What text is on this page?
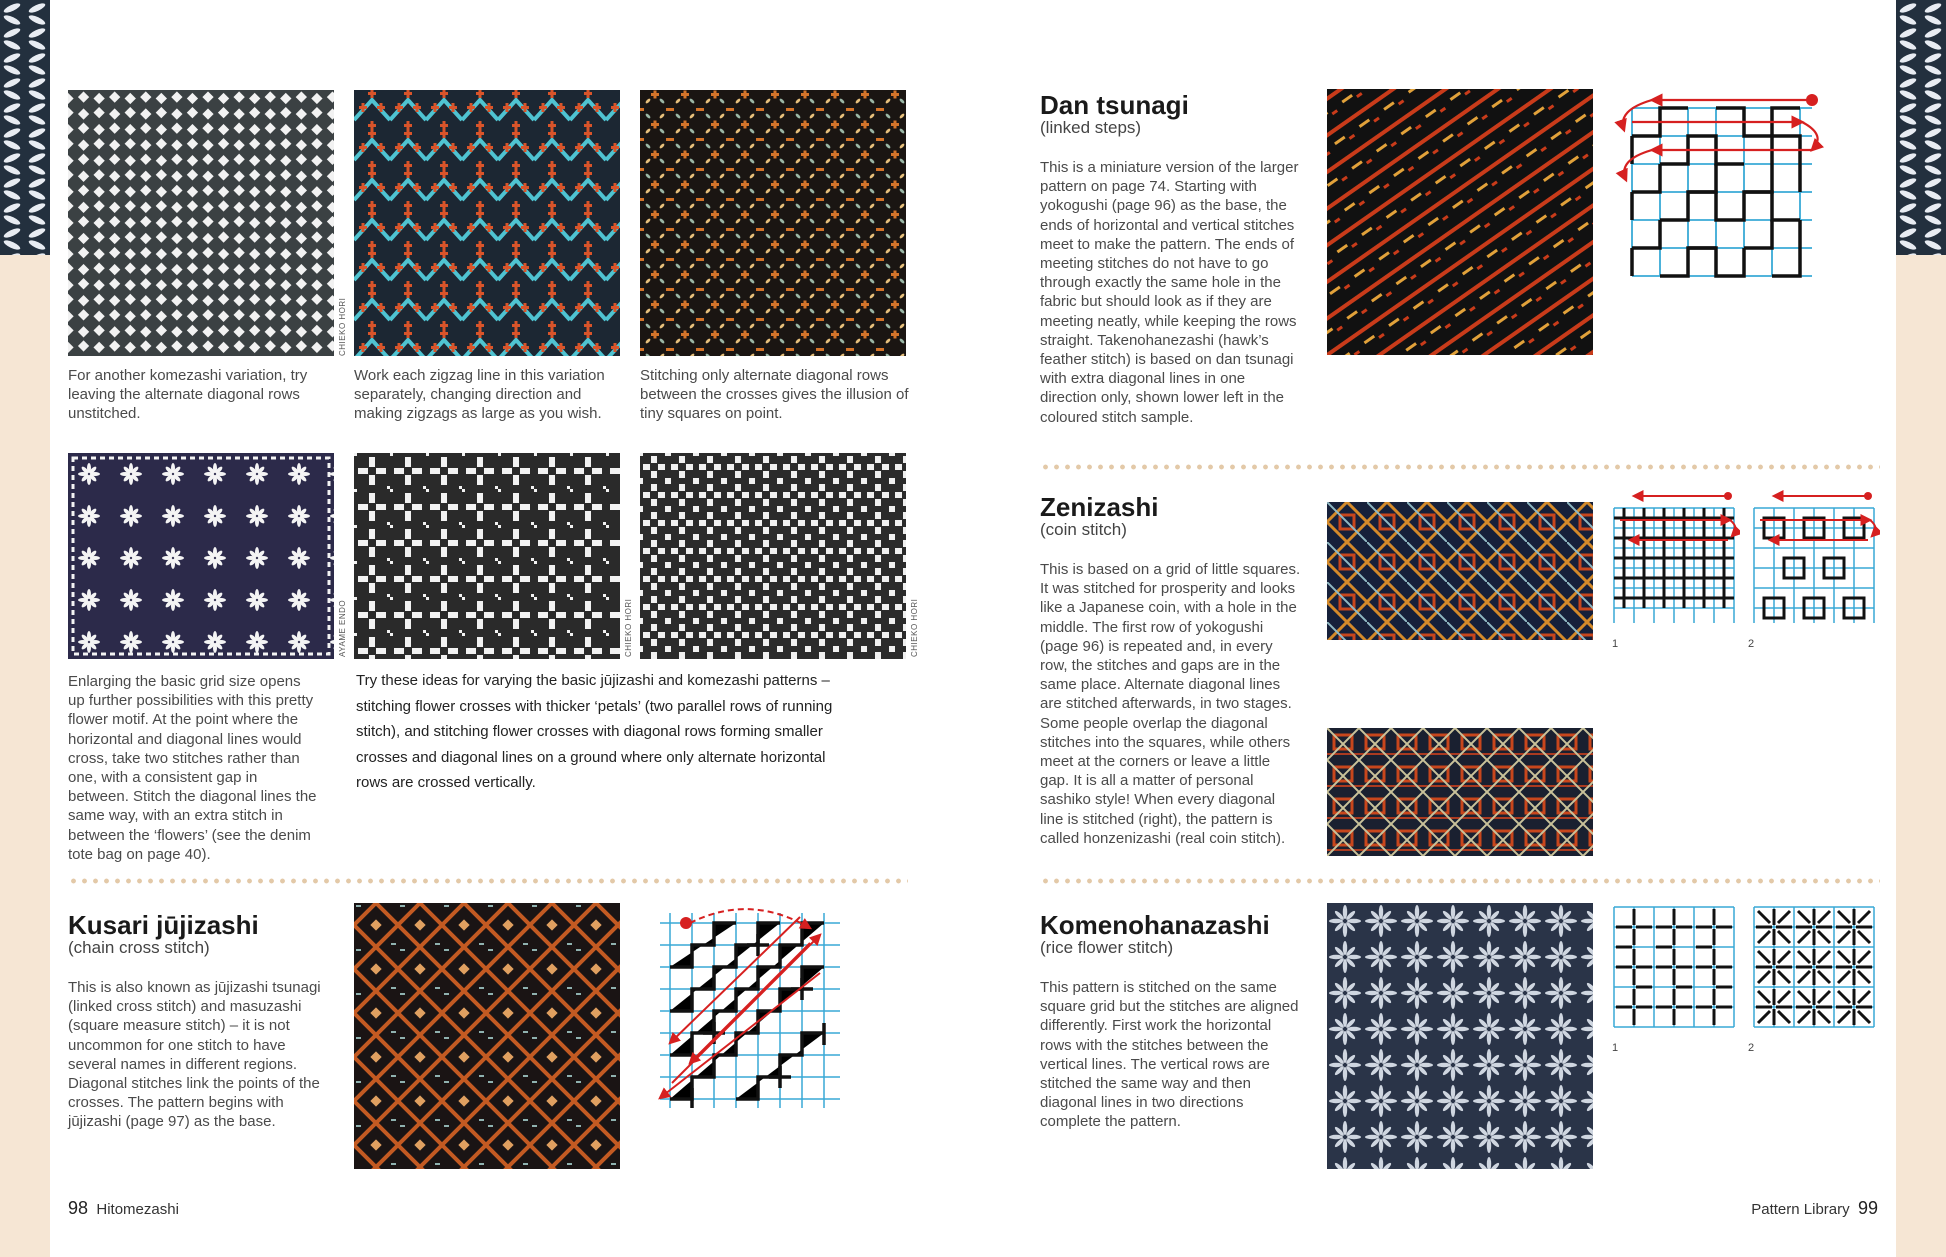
CHIEKO HORI

For another komezashi variation, try leaving the alternate diagonal rows unstitched.

Work each zigzag line in this variation separately, changing direction and making zigzags as large as you wish.

Stitching only alternate diagonal rows between the crosses gives the illusion of tiny squares on point.

AYAME ENDO	CHIEKO HORI	CHIEKO HORI

Enlarging the basic grid size opens up further possibilities with this pretty flower motif. At the point where the horizontal and diagonal lines would cross, take two stitches rather than one, with a consistent gap in between. Stitch the diagonal lines the same way, with an extra stitch in between the ‘flowers’ (see the denim tote bag on page 40).

Try these ideas for varying the basic jūjizashi and komezashi patterns – stitching flower crosses with thicker ‘petals’ (two parallel rows of running stitch), and stitching flower crosses with diagonal rows forming smaller crosses and diagonal lines on a ground where only alternate horizontal rows are crossed vertically.

Kusari jūjizashi

(chain cross stitch)

This is also known as jūjizashi tsunagi (linked cross stitch) and masuzashi (square measure stitch) – it is not uncommon for one stitch to have several names in different regions. Diagonal stitches link the points of the crosses. The pattern begins with jūjizashi (page 97) as the base.

98 Hitomezashi
Dan tsunagi

(linked steps)

This is a miniature version of the larger pattern on page 74. Starting with yokogushi (page 96) as the base, the ends of horizontal and vertical stitches meet to make the pattern. The ends of meeting stitches do not have to go through exactly the same hole in the fabric but should look as if they are meeting neatly, while keeping the rows straight. Takenohanezashi (hawk’s feather stitch) is based on dan tsunagi with extra diagonal lines in one direction only, shown lower left in the coloured stitch sample.

Zenizashi

(coin stitch)

This is based on a grid of little squares. It was stitched for prosperity and looks like a Japanese coin, with a hole in the middle. The first row of yokogushi (page 96) is repeated and, in every row, the stitches and gaps are in the same place. Alternate diagonal lines are stitched afterwards, in two stages. Some people overlap the diagonal stitches into the squares, while others meet at the corners or leave a little gap. It is all a matter of personal sashiko style! When every diagonal line is stitched (right), the pattern is called honzenizashi (real coin stitch).

1	2
Komenohanazashi

(rice flower stitch)

This pattern is stitched on the same square grid but the stitches are aligned differently. First work the horizontal rows with the stitches between the vertical lines. The vertical rows are stitched the same way and then diagonal lines in two directions complete the pattern.

1	2
Pattern Library 99
